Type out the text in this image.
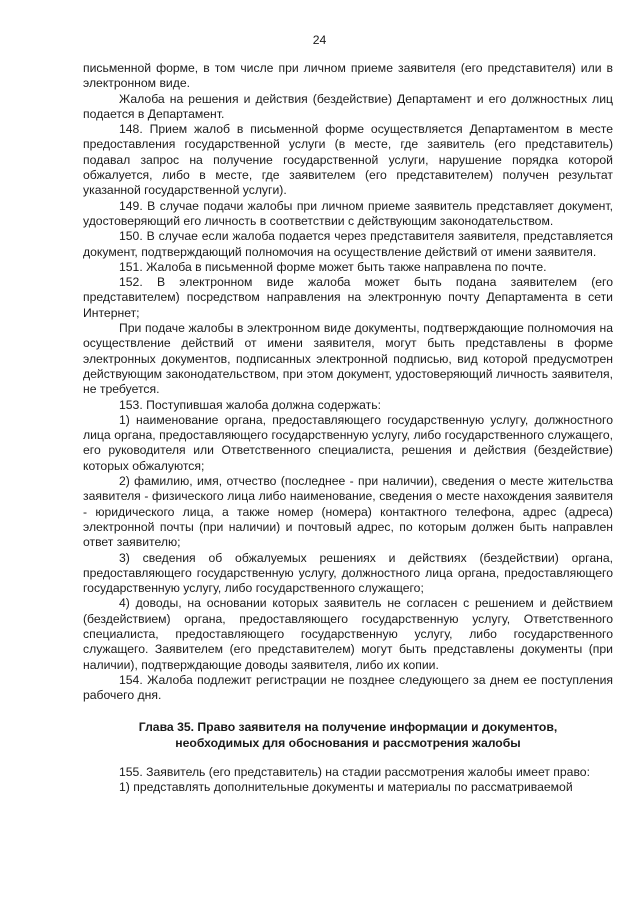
24

письменной форме, в том числе при личном приеме заявителя (его представителя) или в электронном виде.

Жалоба на решения и действия (бездействие) Департамент и его должностных лиц подается в Департамент.

148. Прием жалоб в письменной форме осуществляется Департаментом в месте предоставления государственной услуги (в месте, где заявитель (его представитель) подавал запрос на получение государственной услуги, нарушение порядка которой обжалуется, либо в месте, где заявителем (его представителем) получен результат указанной государственной услуги).

149. В случае подачи жалобы при личном приеме заявитель представляет документ, удостоверяющий его личность в соответствии с действующим законодательством.

150. В случае если жалоба подается через представителя заявителя, представляется документ, подтверждающий полномочия на осуществление действий от имени заявителя.

151. Жалоба в письменной форме может быть также направлена по почте.

152. В электронном виде жалоба может быть подана заявителем (его представителем) посредством направления на электронную почту Департамента в сети Интернет;

При подаче жалобы в электронном виде документы, подтверждающие полномочия на осуществление действий от имени заявителя, могут быть представлены в форме электронных документов, подписанных электронной подписью, вид которой предусмотрен действующим законодательством, при этом документ, удостоверяющий личность заявителя, не требуется.

153. Поступившая жалоба должна содержать:

1) наименование органа, предоставляющего государственную услугу, должностного лица органа, предоставляющего государственную услугу, либо государственного служащего, его руководителя или Ответственного специалиста, решения и действия (бездействие) которых обжалуются;

2) фамилию, имя, отчество (последнее - при наличии), сведения о месте жительства заявителя - физического лица либо наименование, сведения о месте нахождения заявителя - юридического лица, а также номер (номера) контактного телефона, адрес (адреса) электронной почты (при наличии) и почтовый адрес, по которым должен быть направлен ответ заявителю;

3) сведения об обжалуемых решениях и действиях (бездействии) органа, предоставляющего государственную услугу, должностного лица органа, предоставляющего государственную услугу, либо государственного служащего;

4) доводы, на основании которых заявитель не согласен с решением и действием (бездействием) органа, предоставляющего государственную услугу, Ответственного специалиста, предоставляющего государственную услугу, либо государственного служащего. Заявителем (его представителем) могут быть представлены документы (при наличии), подтверждающие доводы заявителя, либо их копии.

154. Жалоба подлежит регистрации не позднее следующего за днем ее поступления рабочего дня.

Глава 35. Право заявителя на получение информации и документов,
необходимых для обоснования и рассмотрения жалобы

155. Заявитель (его представитель) на стадии рассмотрения жалобы имеет право:

1) представлять дополнительные документы и материалы по рассматриваемой
